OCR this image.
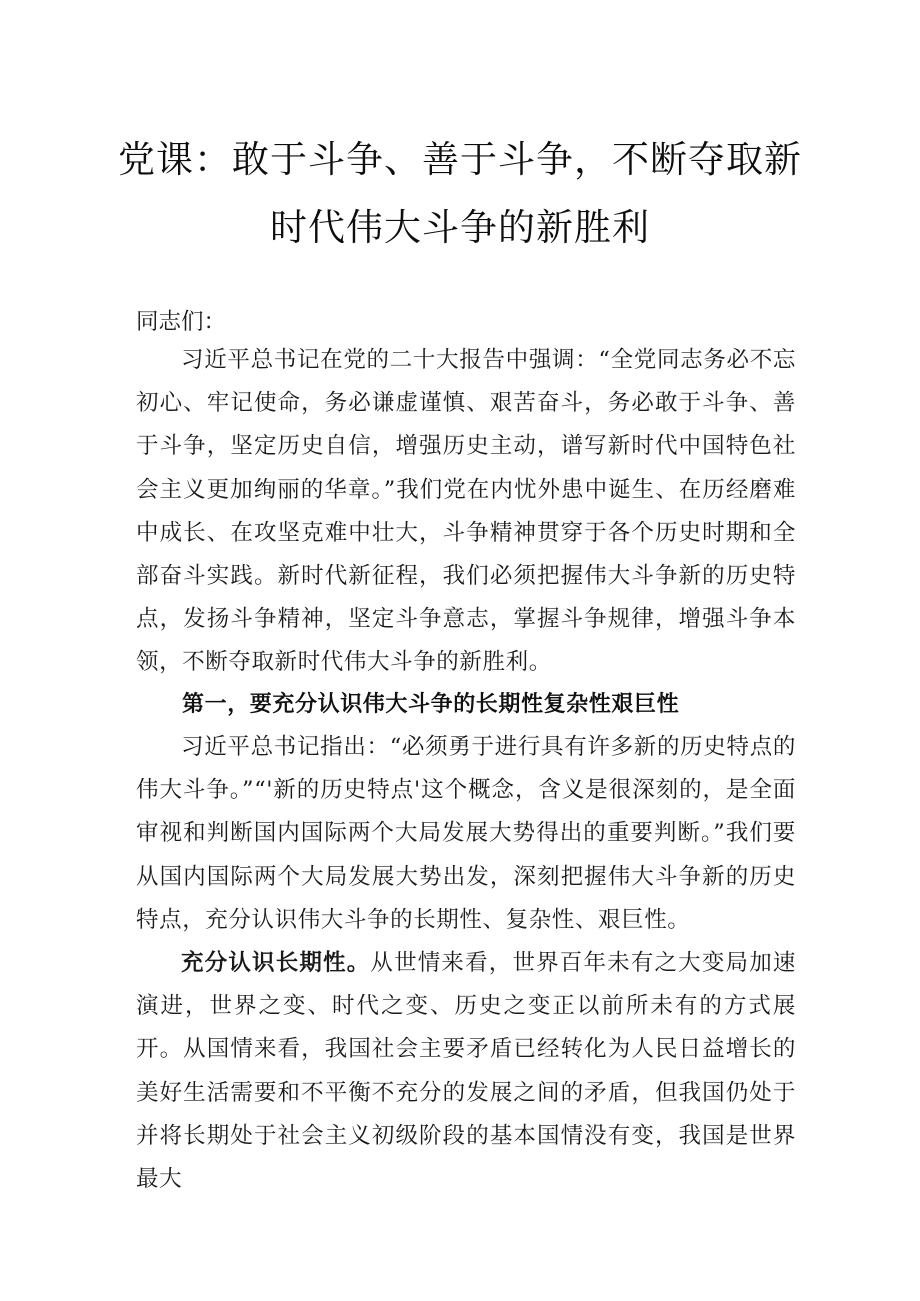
党课：敢于斗争、善于斗争，不断夺取新
时代伟大斗争的新胜利
同志们：

习近平总书记在党的二十大报告中强调：“全党同志务必不忘初心、牢记使命，务必谦虚谨慎、艰苦奋斗，务必敢于斗争、善于斗争，坚定历史自信，增强历史主动，谱写新时代中国特色社会主义更加绚丽的华章。”我们党在内忧外患中诞生、在历经磨难中成长、在攻坚克难中壮大，斗争精神贯穿于各个历史时期和全部奋斗实践。新时代新征程，我们必须把握伟大斗争新的历史特点，发扬斗争精神，坚定斗争意志，掌握斗争规律，增强斗争本领，不断夺取新时代伟大斗争的新胜利。

第一，要充分认识伟大斗争的长期性复杂性艰巨性

习近平总书记指出：“必须勇于进行具有许多新的历史特点的伟大斗争。”“'新的历史特点'这个概念，含义是很深刻的，是全面审视和判断国内国际两个大局发展大势得出的重要判断。”我们要从国内国际两个大局发展大势出发，深刻把握伟大斗争新的历史特点，充分认识伟大斗争的长期性、复杂性、艰巨性。

充分认识长期性。从世情来看，世界百年未有之大变局加速演进，世界之变、时代之变、历史之变正以前所未有的方式展开。从国情来看，我国社会主要矛盾已经转化为人民日益增长的美好生活需要和不平衡不充分的发展之间的矛盾，但我国仍处于并将长期处于社会主义初级阶段的基本国情没有变，我国是世界最大
